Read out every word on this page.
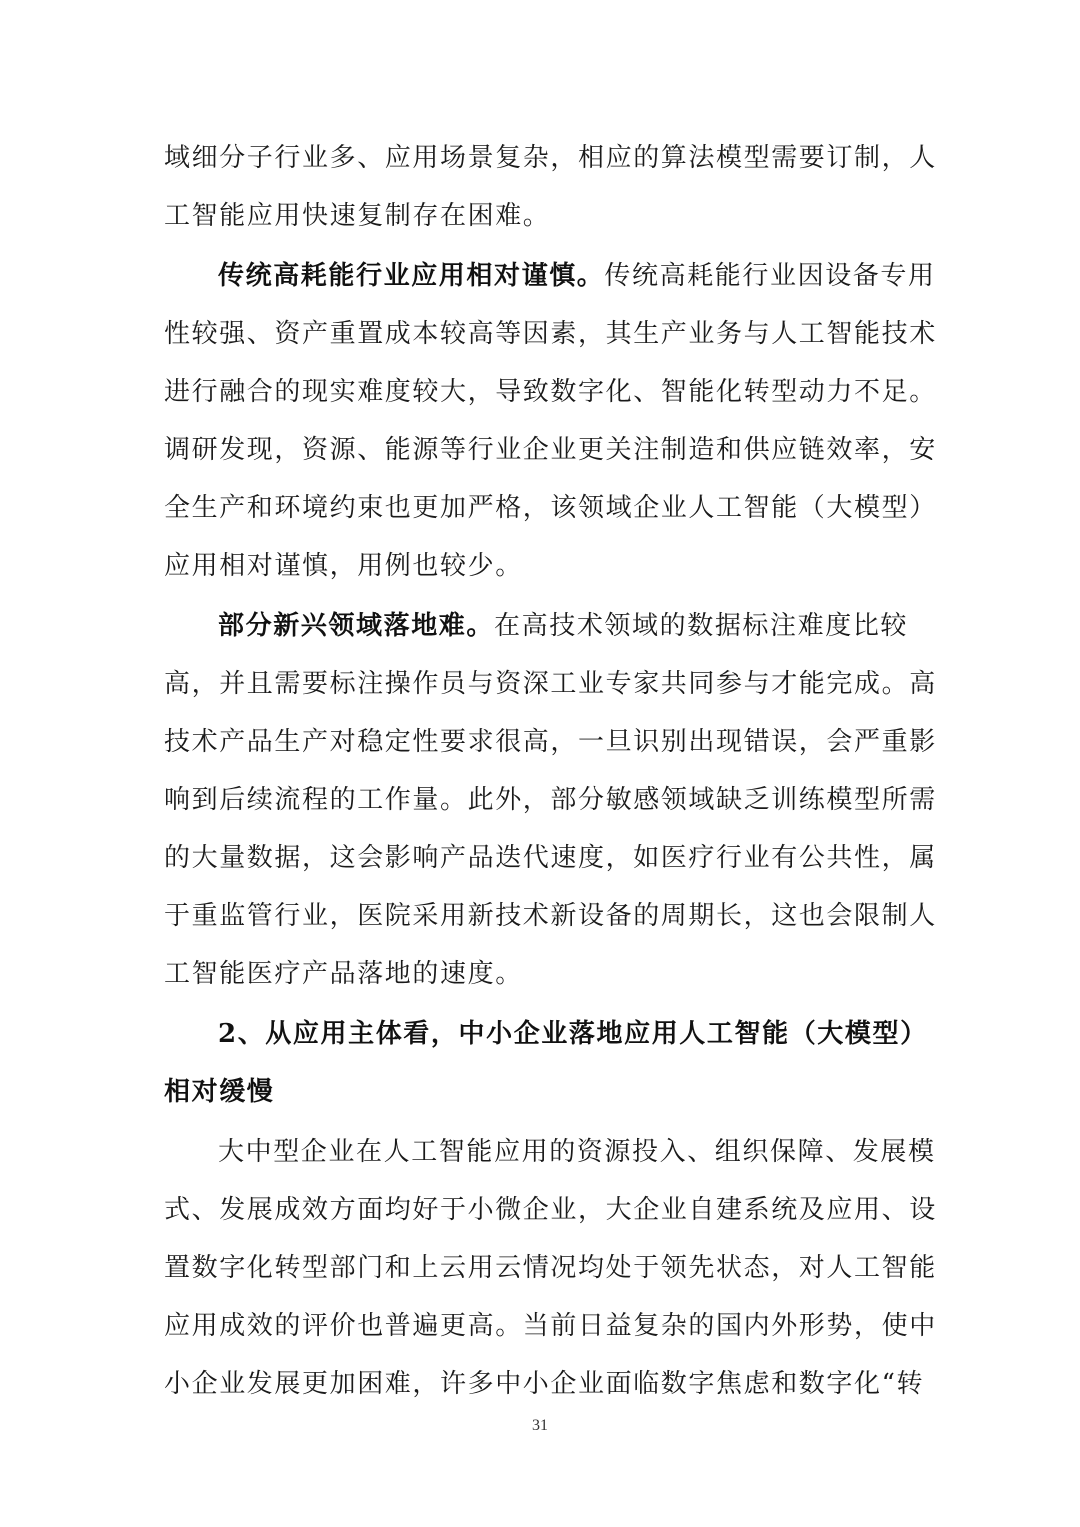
域细分子行业多、应用场景复杂，相应的算法模型需要订制，人
工智能应用快速复制存在困难。
传统高耗能行业应用相对谨慎。传统高耗能行业因设备专用
性较强、资产重置成本较高等因素，其生产业务与人工智能技术
进行融合的现实难度较大，导致数字化、智能化转型动力不足。
调研发现，资源、能源等行业企业更关注制造和供应链效率，安
全生产和环境约束也更加严格，该领域企业人工智能（大模型）
应用相对谨慎，用例也较少。
部分新兴领域落地难。在高技术领域的数据标注难度比较
高，并且需要标注操作员与资深工业专家共同参与才能完成。高
技术产品生产对稳定性要求很高，一旦识别出现错误，会严重影
响到后续流程的工作量。此外，部分敏感领域缺乏训练模型所需
的大量数据，这会影响产品迭代速度，如医疗行业有公共性，属
于重监管行业，医院采用新技术新设备的周期长，这也会限制人
工智能医疗产品落地的速度。
2、从应用主体看，中小企业落地应用人工智能（大模型）
相对缓慢
大中型企业在人工智能应用的资源投入、组织保障、发展模
式、发展成效方面均好于小微企业，大企业自建系统及应用、设
置数字化转型部门和上云用云情况均处于领先状态，对人工智能
应用成效的评价也普遍更高。当前日益复杂的国内外形势，使中
小企业发展更加困难，许多中小企业面临数字焦虑和数字化“转
31
